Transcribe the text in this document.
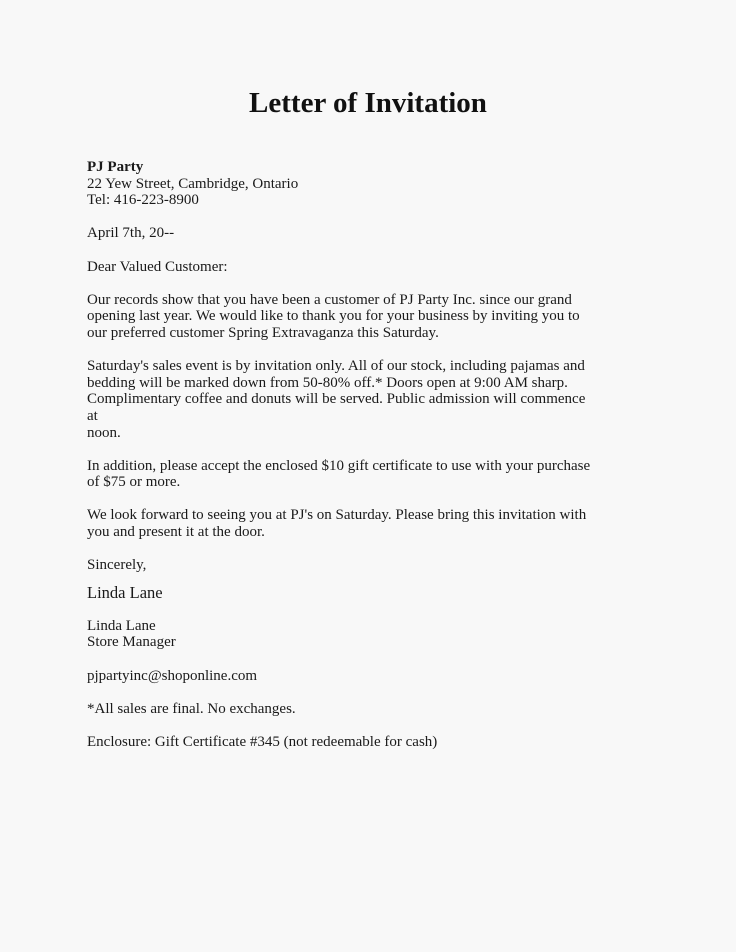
Letter of Invitation
PJ Party
22 Yew Street, Cambridge, Ontario
Tel: 416-223-8900
April 7th, 20--
Dear Valued Customer:
Our records show that you have been a customer of PJ Party Inc. since our grand
opening last year. We would like to thank you for your business by inviting you to
our preferred customer Spring Extravaganza this Saturday.
Saturday's sales event is by invitation only. All of our stock, including pajamas and
bedding will be marked down from 50-80% off.* Doors open at 9:00 AM sharp.
Complimentary coffee and donuts will be served. Public admission will commence at
noon.
In addition, please accept the enclosed $10 gift certificate to use with your purchase
of $75 or more.
We look forward to seeing you at PJ's on Saturday. Please bring this invitation with
you and present it at the door.
Sincerely,
Linda Lane
Linda Lane
Store Manager
pjpartyinc@shoponline.com
*All sales are final. No exchanges.
Enclosure: Gift Certificate #345 (not redeemable for cash)
